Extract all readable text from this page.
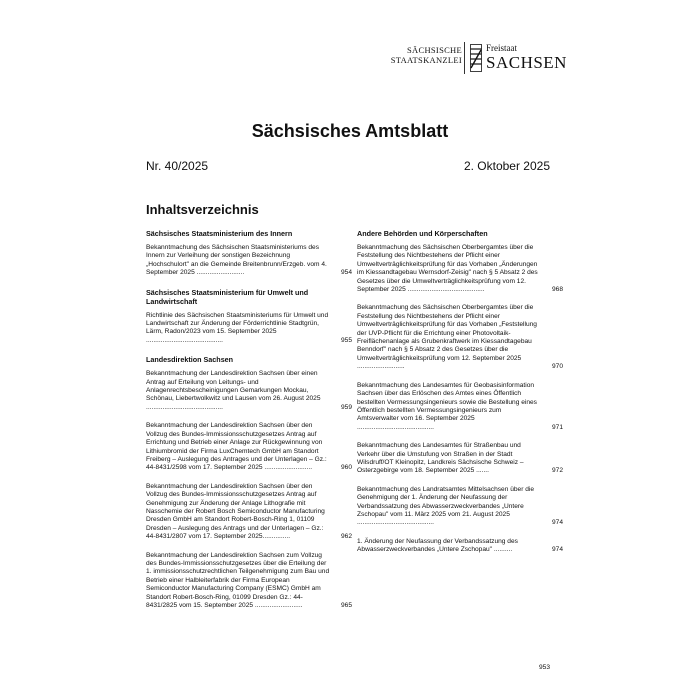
SÄCHSISCHE
STAATSKANZLEI
Freistaat
SACHSEN
Sächsisches Amtsblatt
Nr. 40/2025	2. Oktober 2025
Inhaltsverzeichnis
Sächsisches Staatsministerium des Innern
Bekanntmachung des Sächsischen Staatsministeriums des Innern zur Verleihung der sonstigen Bezeichnung „Hochschulort" an die Gemeinde Breitenbrunn/Erzgeb. vom 4. September 2025 ..........................	954
Sächsisches Staatsministerium für Umwelt und Landwirtschaft
Richtlinie des Sächsischen Staatsministeriums für Umwelt und Landwirtschaft zur Änderung der Förderrichtlinie Stadtgrün, Lärm, Radon/2023 vom 15. September 2025 ..........................................	955
Landesdirektion Sachsen
Bekanntmachung der Landesdirektion Sachsen über einen Antrag auf Erteilung von Leitungs- und Anlagenrechtsbescheinigungen Gemarkungen Mockau, Schönau, Liebertwolkwitz und Lausen vom 26. August 2025 ..........................................	959
Bekanntmachung der Landesdirektion Sachsen über den Vollzug des Bundes-Immissionsschutzgesetzes Antrag auf Errichtung und Betrieb einer Anlage zur Rückgewinnung von Lithiumbromid der Firma LuxChemtech GmbH am Standort Freiberg – Auslegung des Antrages und der Unterlagen – Gz.: 44-8431/2598 vom 17. September 2025 ..........................	960
Bekanntmachung der Landesdirektion Sachsen über den Vollzug des Bundes-Immissionsschutzgesetzes Antrag auf Genehmigung zur Änderung der Anlage Lithografie mit Nasschemie der Robert Bosch Semiconductor Manufacturing Dresden GmbH am Standort Robert-Bosch-Ring 1, 01109 Dresden – Auslegung des Antrags und der Unterlagen – Gz.: 44-8431/2807 vom 17. September 2025...............	962
Bekanntmachung der Landesdirektion Sachsen zum Vollzug des Bundes-Immissionsschutzgesetzes über die Erteilung der 1. immissionsschutzrechtlichen Teilgenehmigung zum Bau und Betrieb einer Halbleiterfabrik der Firma European Semiconductor Manufacturing Company (ESMC) GmbH am Standort Robert-Bosch-Ring, 01099 Dresden Gz.: 44-8431/2825 vom 15. September 2025 ..........................	965
Andere Behörden und Körperschaften
Bekanntmachung des Sächsischen Oberbergamtes über die Feststellung des Nichtbestehens der Pflicht einer Umweltverträglichkeitsprüfung für das Vorhaben „Änderungen im Kiessandtagebau Wernsdorf-Zeisig" nach § 5 Absatz 2 des Gesetzes über die Umweltverträglichkeitsprüfung vom 12. September 2025 ..........................................	968
Bekanntmachung des Sächsischen Oberbergamtes über die Feststellung des Nichtbestehens der Pflicht einer Umweltverträglichkeitsprüfung für das Vorhaben „Feststellung der UVP-Pflicht für die Errichtung einer Photovoltaik-Freiflächenanlage als Grubenkraftwerk im Kiessandtagebau Benndorf" nach § 5 Absatz 2 des Gesetzes über die Umweltverträglichkeitsprüfung vom 12. September 2025 ..........................	970
Bekanntmachung des Landesamtes für Geobasisinformation Sachsen über das Erlöschen des Amtes eines Öffentlich bestellten Vermessungsingenieurs sowie die Bestellung eines Öffentlich bestellten Vermessungsingenieurs zum Amtsverwalter vom 16. September 2025 ..........................................	971
Bekanntmachung des Landesamtes für Straßenbau und Verkehr über die Umstufung von Straßen in der Stadt Wilsdruff/OT Kleinopitz, Landkreis Sächsische Schweiz – Osterzgebirge vom 18. September 2025 .......	972
Bekanntmachung des Landratsamtes Mittelsachsen über die Genehmigung der 1. Änderung der Neufassung der Verbandssatzung des Abwasserzweckverbandes „Untere Zschopau" vom 11. März 2025 vom 21. August 2025 ..........................................	974
1. Änderung der Neufassung der Verbandssatzung des Abwasserzweckverbandes „Untere Zschopau" ..........	974
953
